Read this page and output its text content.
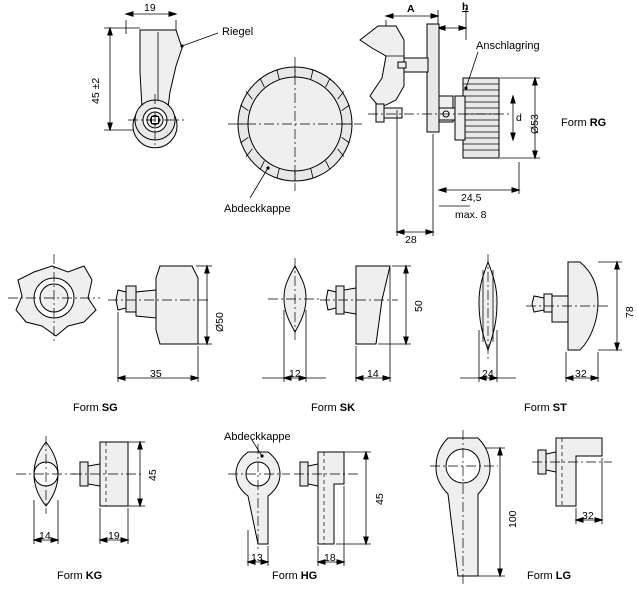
19
45 ±2
Riegel
Abdeckkappe
A	h
Anschlagring
d Ø53
24,5
max. 8
28
Form RG
Ø50
35
Form SG
50
12	14
Form SK
78
24	32
Form ST
45
14	19
Form KG
Abdeckkappe
45
13	18
Form HG
100	32
Form LG
